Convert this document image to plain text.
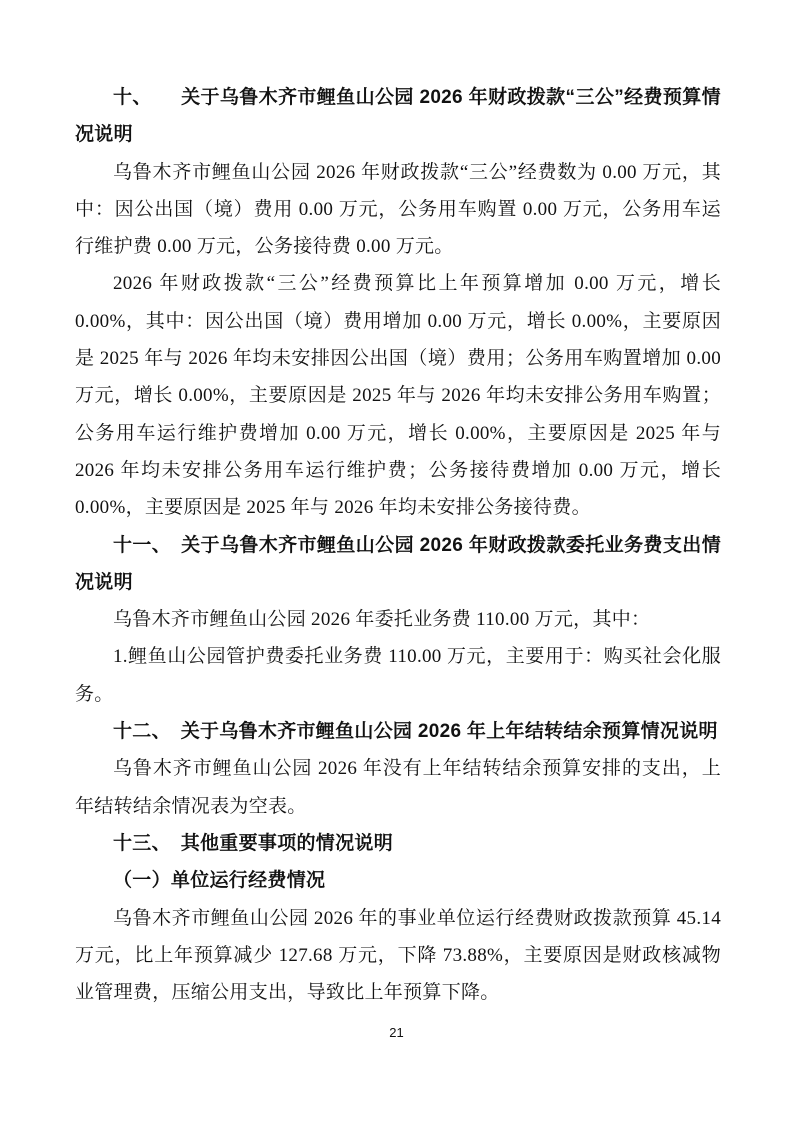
十、　　关于乌鲁木齐市鲤鱼山公园 2026 年财政拨款“三公”经费预算情况说明

乌鲁木齐市鲤鱼山公园 2026 年财政拨款“三公”经费数为 0.00 万元，其中：因公出国（境）费用 0.00 万元，公务用车购置 0.00 万元，公务用车运行维护费 0.00 万元，公务接待费 0.00 万元。

2026 年财政拨款“三公”经费预算比上年预算增加 0.00 万元，增长 0.00%，其中：因公出国（境）费用增加 0.00 万元，增长 0.00%，主要原因是 2025 年与 2026 年均未安排因公出国（境）费用；公务用车购置增加 0.00 万元，增长 0.00%，主要原因是 2025 年与 2026 年均未安排公务用车购置；公务用车运行维护费增加 0.00 万元，增长 0.00%，主要原因是 2025 年与 2026 年均未安排公务用车运行维护费；公务接待费增加 0.00 万元，增长 0.00%，主要原因是 2025 年与 2026 年均未安排公务接待费。

十一、　关于乌鲁木齐市鲤鱼山公园 2026 年财政拨款委托业务费支出情况说明

乌鲁木齐市鲤鱼山公园 2026 年委托业务费 110.00 万元，其中：

1.鲤鱼山公园管护费委托业务费 110.00 万元，主要用于：购买社会化服务。

十二、　关于乌鲁木齐市鲤鱼山公园 2026 年上年结转结余预算情况说明

乌鲁木齐市鲤鱼山公园 2026 年没有上年结转结余预算安排的支出，上年结转结余情况表为空表。

十三、　其他重要事项的情况说明
（一）单位运行经费情况

乌鲁木齐市鲤鱼山公园 2026 年的事业单位运行经费财政拨款预算 45.14 万元，比上年预算减少 127.68 万元，下降 73.88%，主要原因是财政核减物业管理费，压缩公用支出，导致比上年预算下降。

21
